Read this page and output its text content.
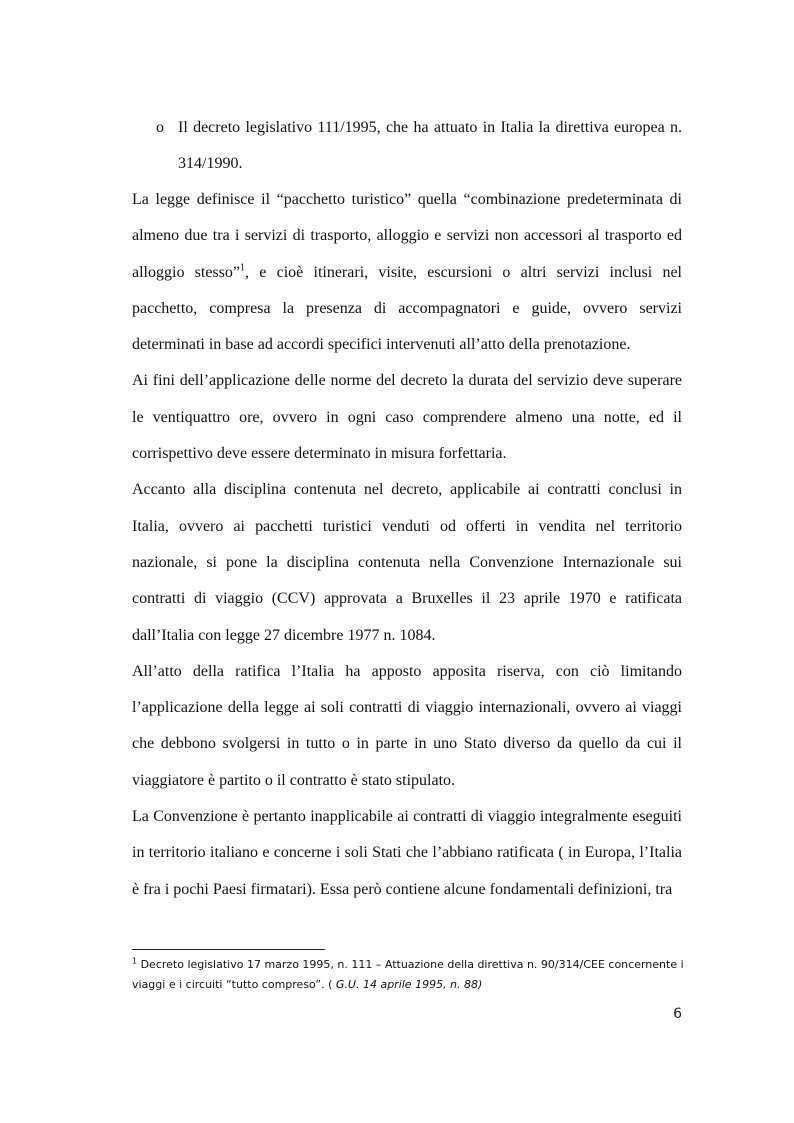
o Il decreto legislativo 111/1995, che ha attuato in Italia la direttiva europea n. 314/1990.

La legge definisce il “pacchetto turistico” quella “combinazione predeterminata di almeno due tra i servizi di trasporto, alloggio e servizi non accessori al trasporto ed alloggio stesso”$^1$, e cioè itinerari, visite, escursioni o altri servizi inclusi nel pacchetto, compresa la presenza di accompagnatori e guide, ovvero servizi determinati in base ad accordi specifici intervenuti all’atto della prenotazione.

Ai fini dell’applicazione delle norme del decreto la durata del servizio deve superare le ventiquattro ore, ovvero in ogni caso comprendere almeno una notte, ed il corrispettivo deve essere determinato in misura forfettaria.

Accanto alla disciplina contenuta nel decreto, applicabile ai contratti conclusi in Italia, ovvero ai pacchetti turistici venduti od offerti in vendita nel territorio nazionale, si pone la disciplina contenuta nella Convenzione Internazionale sui contratti di viaggio (CCV) approvata a Bruxelles il 23 aprile 1970 e ratificata dall’Italia con legge 27 dicembre 1977 n. 1084.

All’atto della ratifica l’Italia ha apposto apposita riserva, con ciò limitando l’applicazione della legge ai soli contratti di viaggio internazionali, ovvero ai viaggi che debbono svolgersi in tutto o in parte in uno Stato diverso da quello da cui il viaggiatore è partito o il contratto è stato stipulato.

La Convenzione è pertanto inapplicabile ai contratti di viaggio integralmente eseguiti in territorio italiano e concerne i soli Stati che l’abbiano ratificata ( in Europa, l’Italia è fra i pochi Paesi firmatari). Essa però contiene alcune fondamentali definizioni, tra

$^1$ Decreto legislativo 17 marzo 1995, n. 111 – Attuazione della direttiva n. 90/314/CEE concernente i viaggi e i circuiti “tutto compreso”. ( G.U. 14 aprile 1995, n. 88)
6
